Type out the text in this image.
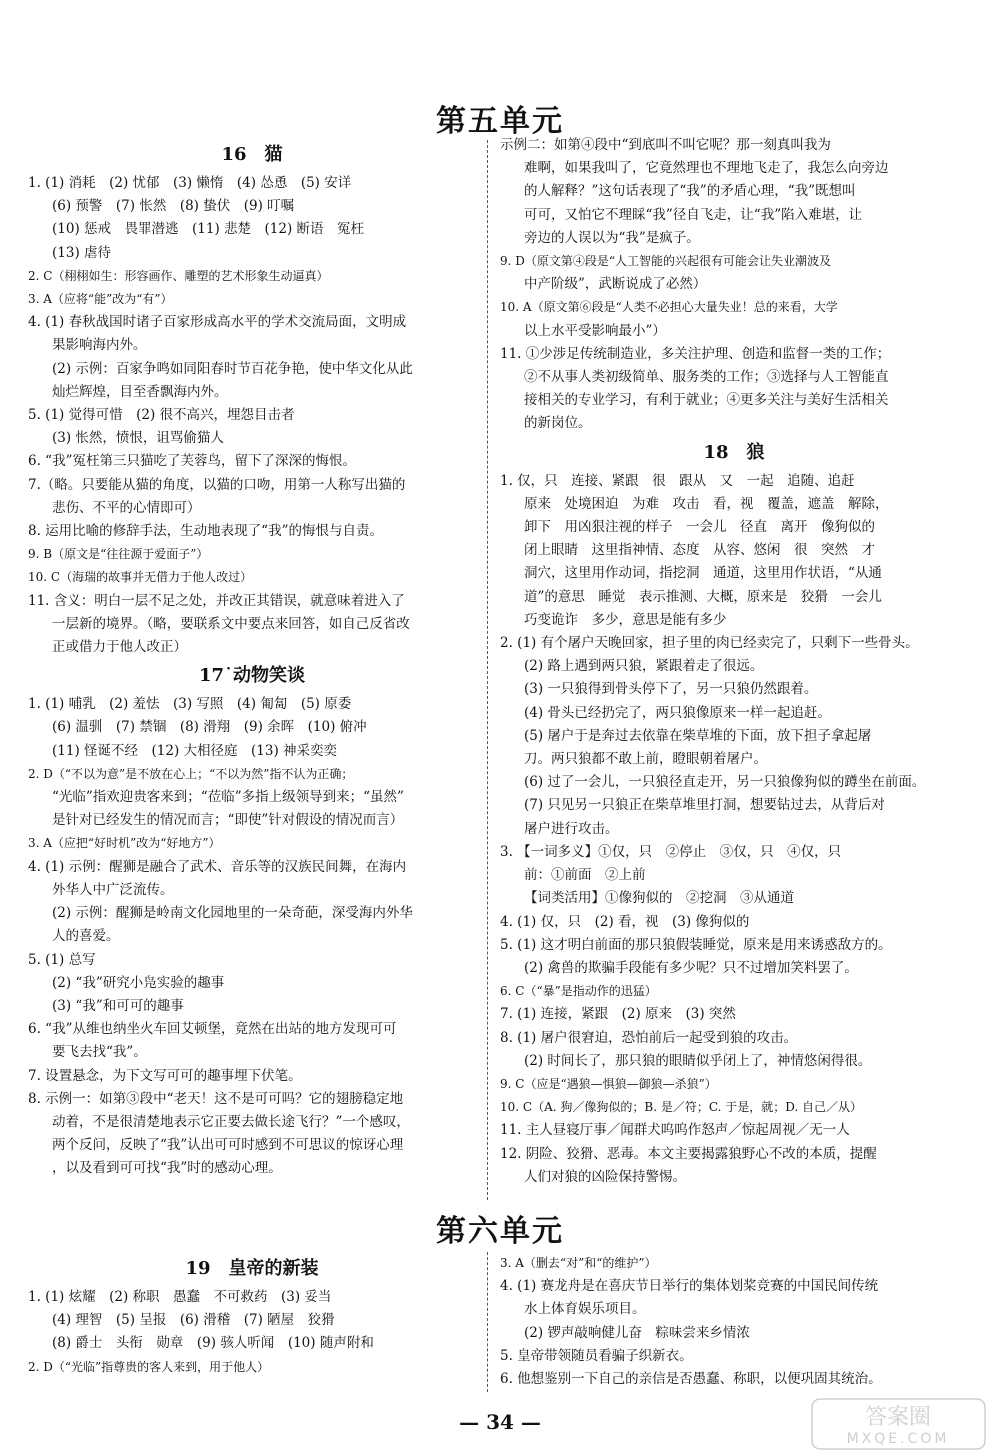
第五单元
16　猫
1. (1) 消耗　(2) 忧郁　(3) 懒惰　(4) 怂恿　(5) 安详
(6) 预警　(7) 怅然　(8) 蛰伏　(9) 叮嘱
(10) 惩戒　畏罪潜逃　(11) 悲楚　(12) 断语　冤枉
(13) 虐待
2. C（栩栩如生：形容画作、雕塑的艺术形象生动逼真）
3. A（应将“能”改为“有”）
4. (1) 春秋战国时诸子百家形成高水平的学术交流局面，文明成
果影响海内外。
(2) 示例：百家争鸣如同阳春时节百花争艳，使中华文化从此
灿烂辉煌，目至香飘海内外。
5. (1) 觉得可惜　(2) 很不高兴，埋怨目击者
(3) 怅然，愤恨，诅骂偷猫人
6. “我”冤枉第三只猫吃了芙蓉鸟，留下了深深的悔恨。
7.（略。只要能从猫的角度，以猫的口吻，用第一人称写出猫的
悲伤、不平的心情即可）
8. 运用比喻的修辞手法，生动地表现了“我”的悔恨与自责。
9. B（原文是“往往源于爱面子”）
10. C（海瑞的故事并无借力于他人改过）
11. 含义：明白一层不足之处，并改正其错误，就意味着进入了
一层新的境界。（略，要联系文中要点来回答，如自己反省改
正或借力于他人改正）
17˙动物笑谈
1. (1) 哺乳　(2) 羞怯　(3) 写照　(4) 匍匐　(5) 原委
(6) 温驯　(7) 禁锢　(8) 滑翔　(9) 余晖　(10) 俯冲
(11) 怪诞不经　(12) 大相径庭　(13) 神采奕奕
2. D（“不以为意”是不放在心上；“不以为然”指不认为正确；
“光临”指欢迎贵客来到；“莅临”多指上级领导到来；“虽然”
是针对已经发生的情况而言；“即使”针对假设的情况而言）
3. A（应把“好时机”改为“好地方”）
4. (1) 示例：醒狮是融合了武术、音乐等的汉族民间舞，在海内
外华人中广泛流传。
(2) 示例：醒狮是岭南文化园地里的一朵奇葩，深受海内外华
人的喜爱。
5. (1) 总写
(2) “我”研究小凫实验的趣事
(3) “我”和可可的趣事
6. “我”从维也纳坐火车回艾顿堡，竟然在出站的地方发现可可
要飞去找“我”。
7. 设置悬念，为下文写可可的趣事埋下伏笔。
8. 示例一：如第③段中“老天！这不是可可吗？它的翅膀稳定地
动着，不是很清楚地表示它正要去做长途飞行？”一个感叹，
两个反问，反映了“我”认出可可时感到不可思议的惊讶心理
，以及看到可可找“我”时的感动心理。
示例二：如第④段中“到底叫不叫它呢？那一刻真叫我为
难啊，如果我叫了，它竟然理也不理地飞走了，我怎么向旁边
的人解释？”这句话表现了“我”的矛盾心理，“我”既想叫
可可，又怕它不理睬“我”径自飞走，让“我”陷入难堪，让
旁边的人误以为“我”是疯子。
9. D（原文第④段是“人工智能的兴起很有可能会让失业潮波及
中产阶级”，武断说成了必然）
10. A（原文第⑥段是“人类不必担心大量失业！总的来看，大学
以上水平受影响最小”）
11. ①少涉足传统制造业，多关注护理、创造和监督一类的工作；
②不从事人类初级简单、服务类的工作；③选择与人工智能直
接相关的专业学习，有利于就业；④更多关注与美好生活相关
的新岗位。
18　狼
1. 仅，只　连接、紧跟　很　跟从　又　一起　追随、追赶
原来　处境困迫　为难　攻击　看，视　覆盖，遮盖　解除，
卸下　用凶狠注视的样子　一会儿　径直　离开　像狗似的
闭上眼睛　这里指神情、态度　从容、悠闲　很　突然　才
洞穴，这里用作动词，指挖洞　通道，这里用作状语，“从通
道”的意思　睡觉　表示推测、大概，原来是　狡猾　一会儿
巧变诡诈　多少，意思是能有多少
2. (1) 有个屠户天晚回家，担子里的肉已经卖完了，只剩下一些骨头。
(2) 路上遇到两只狼，紧跟着走了很远。
(3) 一只狼得到骨头停下了，另一只狼仍然跟着。
(4) 骨头已经扔完了，两只狼像原来一样一起追赶。
(5) 屠户于是奔过去依靠在柴草堆的下面，放下担子拿起屠
刀。两只狼都不敢上前，瞪眼朝着屠户。
(6) 过了一会儿，一只狼径直走开，另一只狼像狗似的蹲坐在前面。
(7) 只见另一只狼正在柴草堆里打洞，想要钻过去，从背后对
屠户进行攻击。
3. 【一词多义】①仅，只　②停止　③仅，只　④仅，只
前：①前面　②上前
【词类活用】①像狗似的　②挖洞　③从通道
4. (1) 仅，只　(2) 看，视　(3) 像狗似的
5. (1) 这才明白前面的那只狼假装睡觉，原来是用来诱惑敌方的。
(2) 禽兽的欺骗手段能有多少呢？只不过增加笑料罢了。
6. C（“暴”是指动作的迅猛）
7. (1) 连接，紧跟　(2) 原来　(3) 突然
8. (1) 屠户很窘迫，恐怕前后一起受到狼的攻击。
(2) 时间长了，那只狼的眼睛似乎闭上了，神情悠闲得很。
9. C（应是“遇狼—惧狼—御狼—杀狼”）
10. C（A. 狗／像狗似的；B. 是／符；C. 于是，就；D. 自己／从）
11. 主人昼寝厅事／闻群犬呜呜作怒声／惊起周视／无一人
12. 阴险、狡猾、恶毒。本文主要揭露狼野心不改的本质，提醒
人们对狼的凶险保持警惕。
第六单元
19　皇帝的新装
1. (1) 炫耀　(2) 称职　愚蠢　不可救药　(3) 妥当
(4) 理智　(5) 呈报　(6) 滑稽　(7) 陋屋　狡猾
(8) 爵士　头衔　勋章　(9) 骇人听闻　(10) 随声附和
2. D（“光临”指尊贵的客人来到，用于他人）
3. A（删去“对”和“的维护”）
4. (1) 赛龙舟是在喜庆节日举行的集体划桨竞赛的中国民间传统
水上体育娱乐项目。
(2) 锣声敲响健儿奋　粽味尝来乡情浓
5. 皇帝带领随员看骗子织新衣。
6. 他想鉴别一下自己的亲信是否愚蠢、称职，以便巩固其统治。
— 34 —	答案圈
MXQE.COM
